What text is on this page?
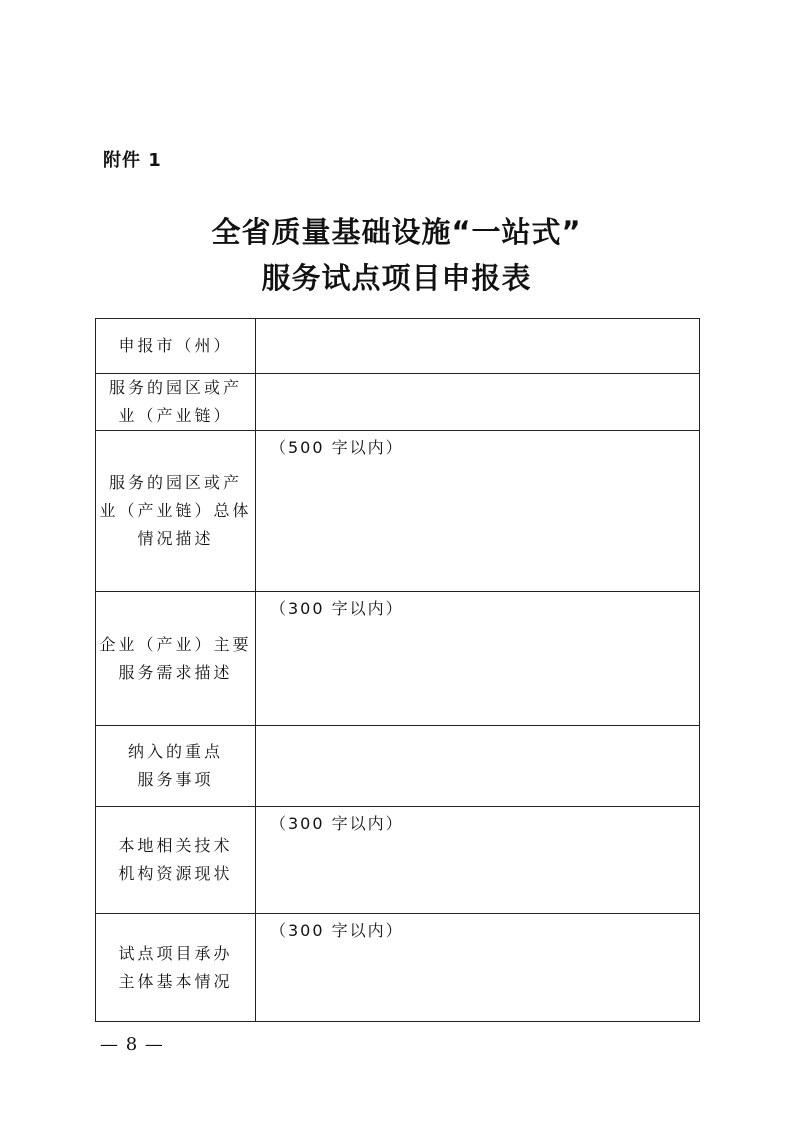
附件 1
全省质量基础设施“一站式”
服务试点项目申报表
申报市（州）	

服务的园区或产
业（产业链）	

服务的园区或产
业（产业链）总体
情况描述	（500 字以内）

企业（产业）主要
服务需求描述	（300 字以内）

纳入的重点
服务事项	

本地相关技术
机构资源现状	（300 字以内）

试点项目承办
主体基本情况	（300 字以内）
— 8 —
